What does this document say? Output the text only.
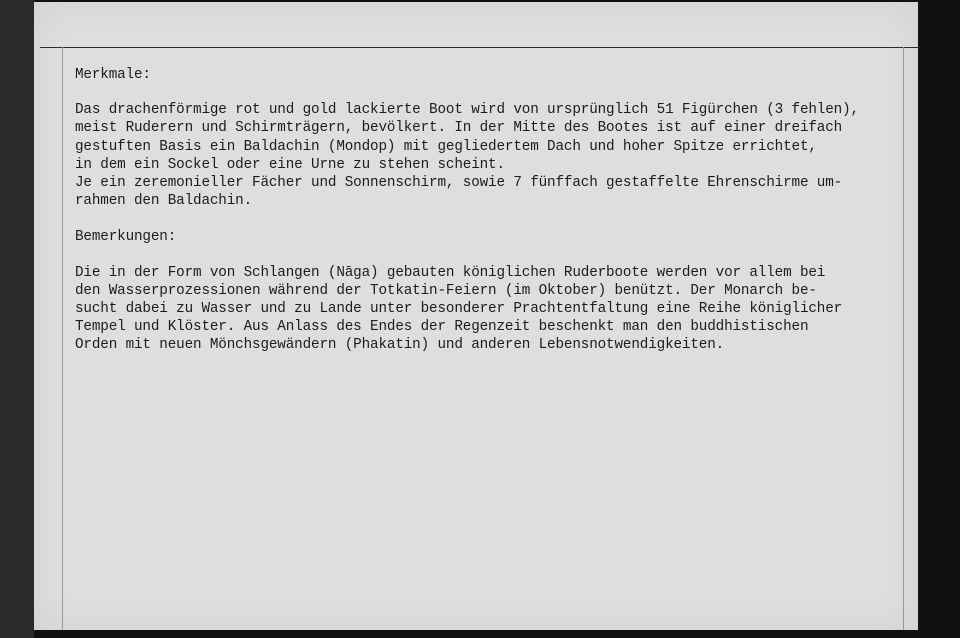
Merkmale:
Das drachenförmige rot und gold lackierte Boot wird von ursprünglich 51 Figürchen (3 fehlen),
meist Ruderern und Schirmträgern, bevölkert. In der Mitte des Bootes ist auf einer dreifach
gestuften Basis ein Baldachin (Mondop) mit gegliedertem Dach und hoher Spitze errichtet,
in dem ein Sockel oder eine Urne zu stehen scheint.
Je ein zeremonieller Fächer und Sonnenschirm, sowie 7 fünffach gestaffelte Ehrenschirme um-
rahmen den Baldachin.
Bemerkungen:
Die in der Form von Schlangen (Nāga) gebauten königlichen Ruderboote werden vor allem bei
den Wasserprozessionen während der Totkatin-Feiern (im Oktober) benützt. Der Monarch be-
sucht dabei zu Wasser und zu Lande unter besonderer Prachtentfaltung eine Reihe königlicher
Tempel und Klöster. Aus Anlass des Endes der Regenzeit beschenkt man den buddhistischen
Orden mit neuen Mönchsgewändern (Phakatin) und anderen Lebensnotwendigkeiten.
